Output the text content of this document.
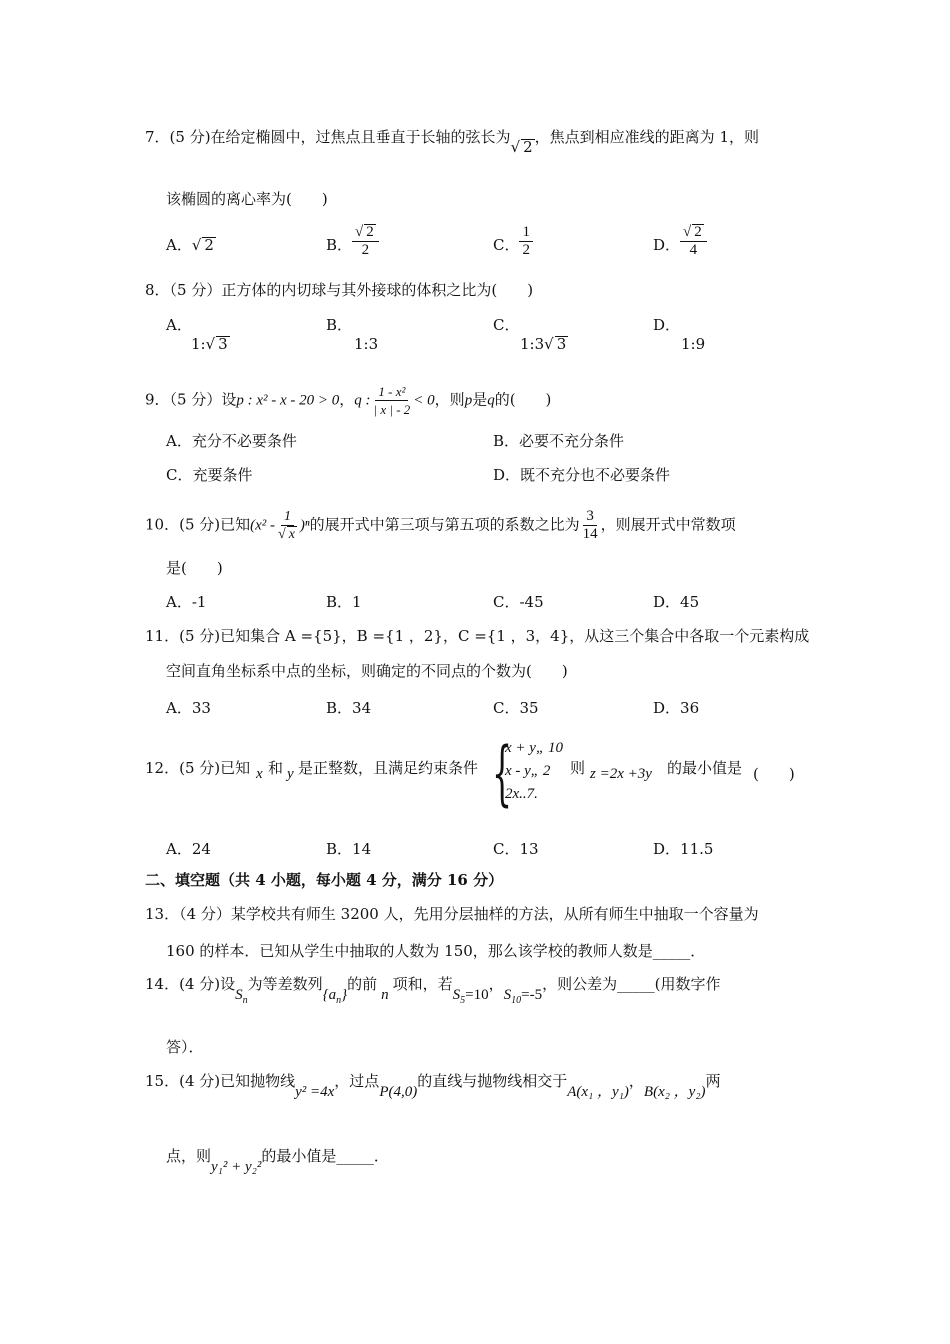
7．(5 分)在给定椭圆中，过焦点且垂直于长轴的弦长为√ 2，焦点到相应准线的距离为 1，则
该椭圆的离心率为(　　)
A．√ 2	B． $\frac{√ 2}{2}$	C． $\frac{1}{2}$	D． $\frac{√ 2}{4}$
8．（5 分）正方体的内切球与其外接球的体积之比为(　　)
A．
1:√ 3
B．
1:3
C．
1:3√ 3
D．
1:9
9．（5 分）设p : x² - x - 20 > 0，q : $\frac{\text{1 - x²}}{| x | - 2} < 0$，则p是q的(　　)
A．充分不必要条件	B．必要不充分条件
C．充要条件	D．既不充分也不必要条件
10．(5 分)已知$(x^2 - \frac{1}{√ x} )^n$的展开式中第三项与第五项的系数之比为 $\frac{3}{14}$ ，则展开式中常数项
是(　　)
A．-1	B．1	C．-45	D．45
11．(5 分)已知集合 A ={5}，B ={1 ，2}，C ={1 ，3，4}，从这三个集合中各取一个元素构成
空间直角坐标系中点的坐标，则确定的不同点的个数为(　　)
A．33	B．34	C．35	D．36
12．(5 分)已知 x 和 y 是正整数，且满足约束条件 {
x + y„ 10
x - y„ 2
2x..7.
则 z =2x +3y 的最小值是 (　　)
A．24	B．14	C．13	D．11.5
二、填空题（共 4 小题，每小题 4 分，满分 16 分）
13．（4 分）某学校共有师生 3200 人，先用分层抽样的方法，从所有师生中抽取一个容量为
160 的样本．已知从学生中抽取的人数为 150，那么该学校的教师人数是_____．
14．(4 分)设$S_n$为等差数列$\{a_n\}$的前n项和，若$S_5=10$，$S_{10}=-5$，则公差为_____(用数字作
答）．
15．(4 分)已知抛物线y² =4x，过点P(4,0)的直线与抛物线相交于A(x₁ ，y₁)，B(x₂ ，y₂)两
点，则y₁² + y₂²的最小值是_____．
